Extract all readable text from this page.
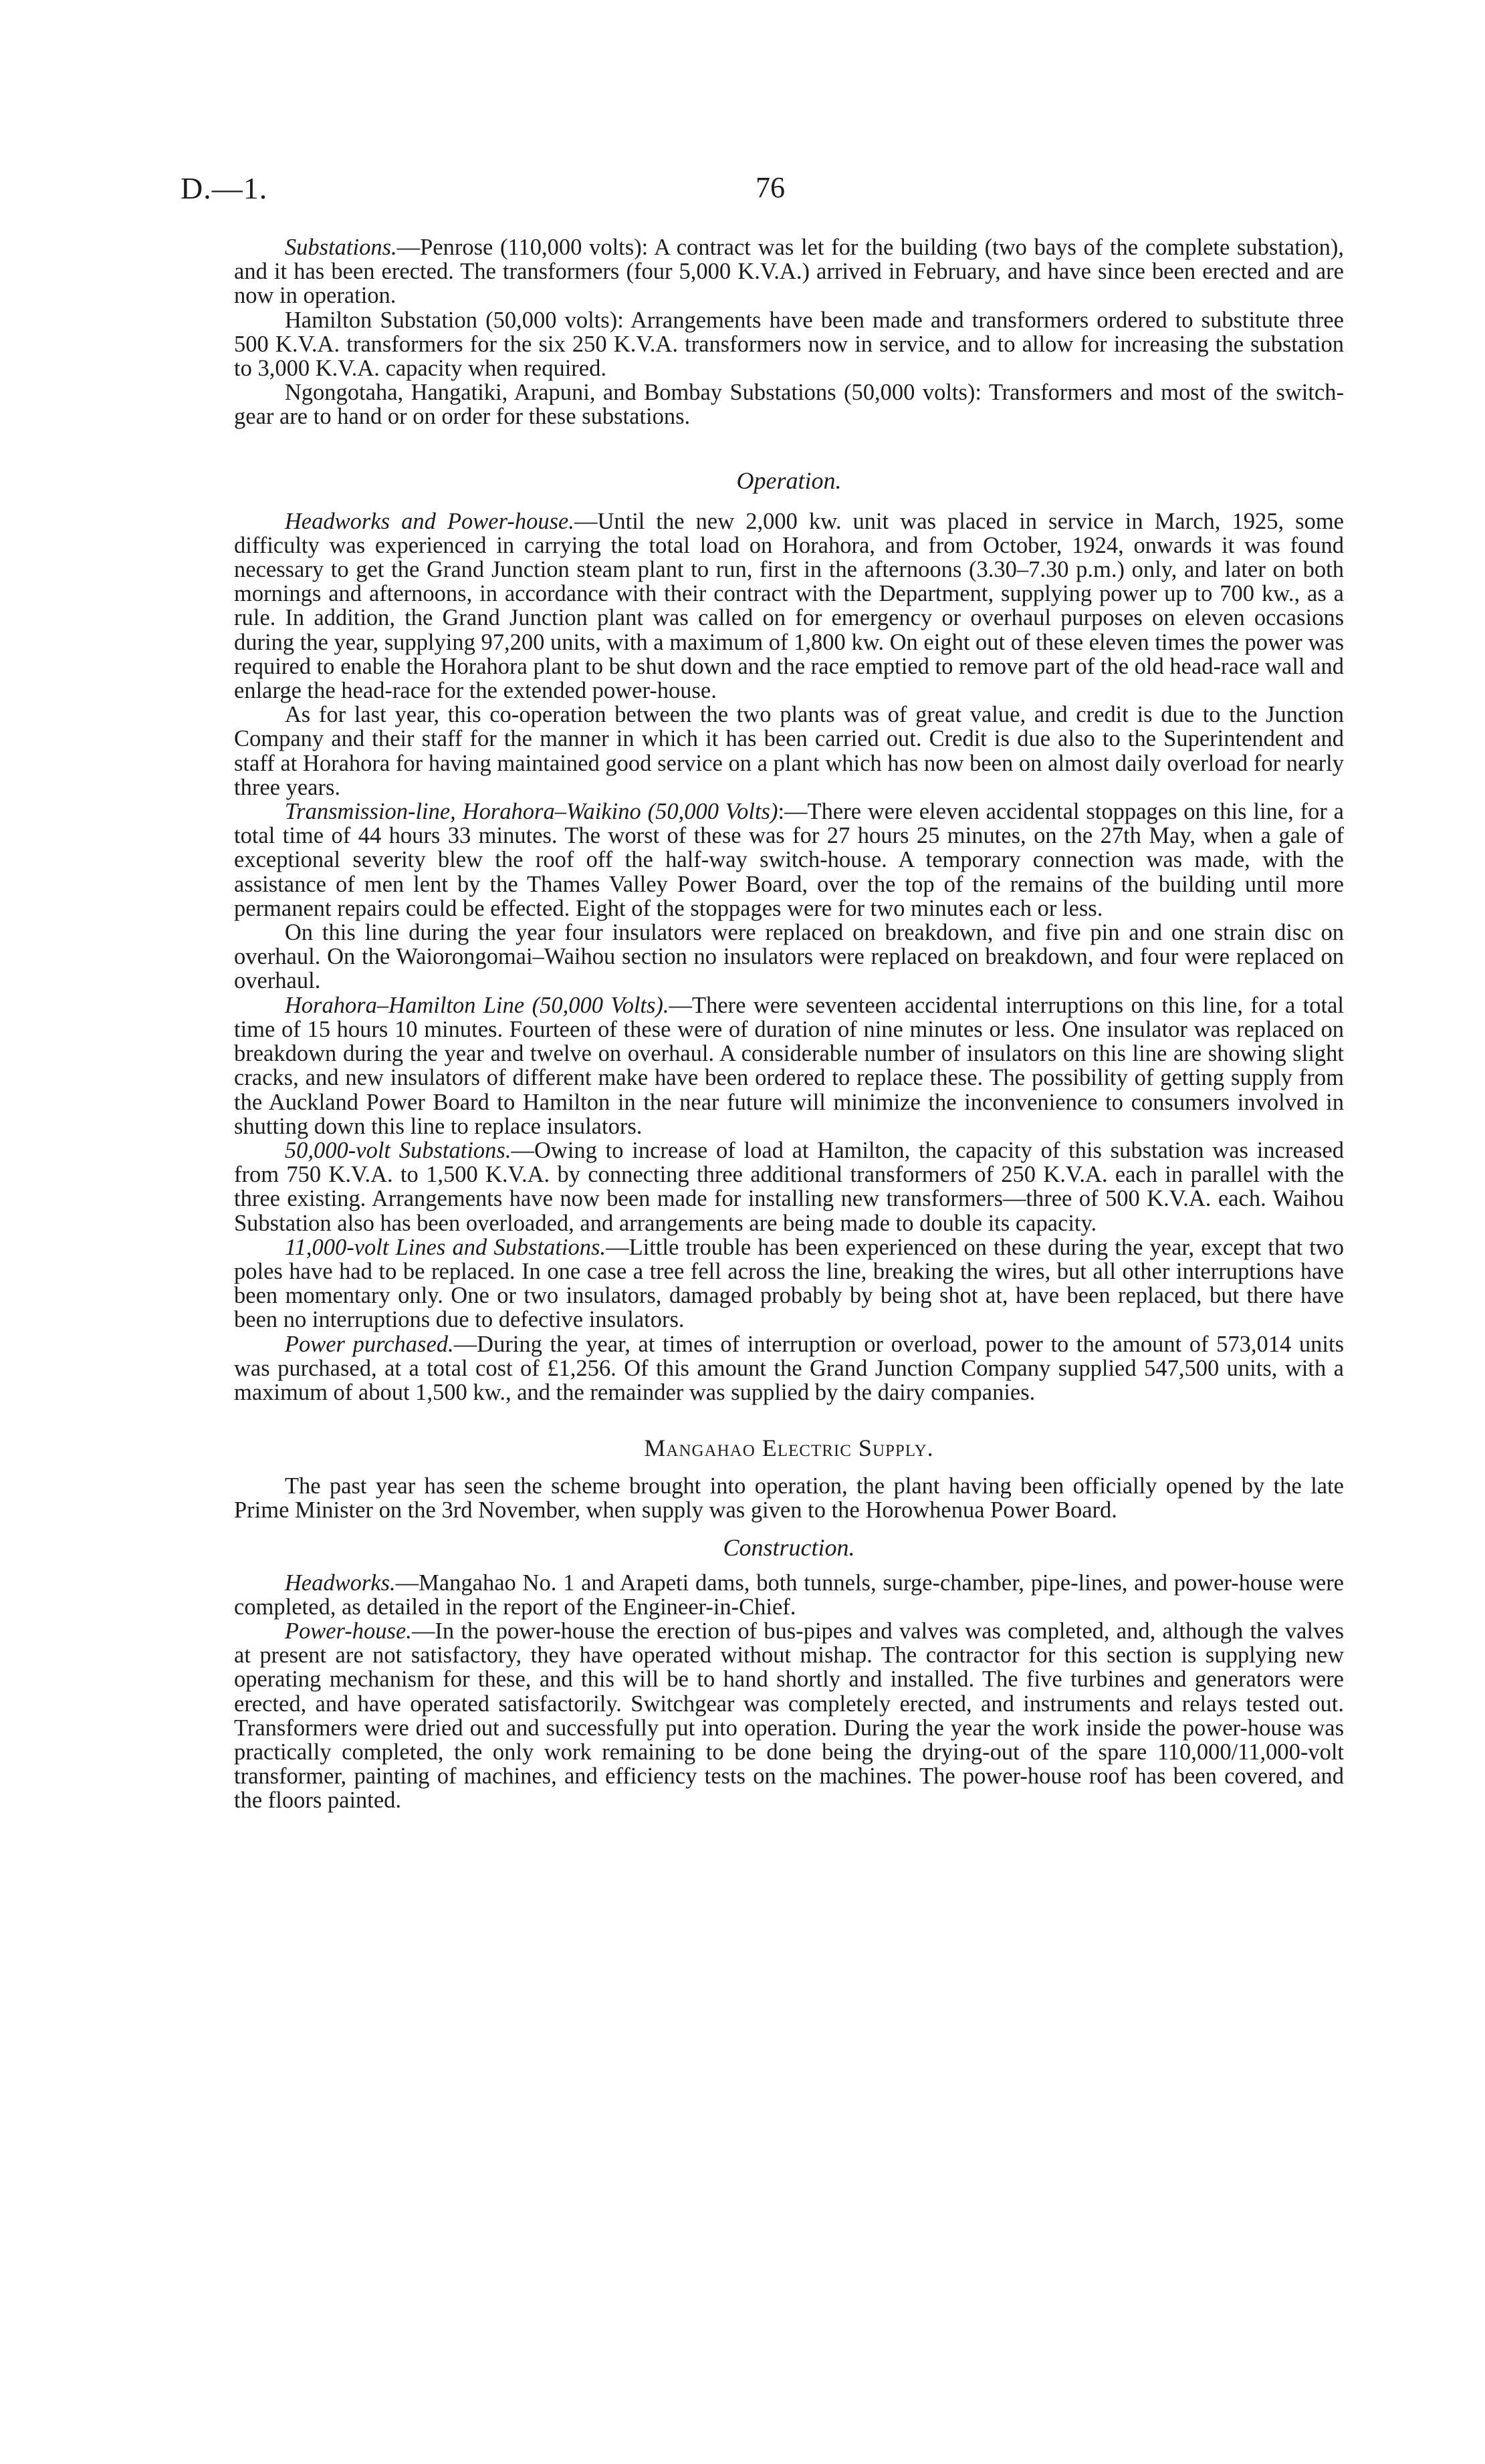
D.—1.	76

Substations.—Penrose (110,000 volts): A contract was let for the building (two bays of the complete substation), and it has been erected. The transformers (four 5,000 K.V.A.) arrived in February, and have since been erected and are now in operation.

Hamilton Substation (50,000 volts): Arrangements have been made and transformers ordered to substitute three 500 K.V.A. transformers for the six 250 K.V.A. transformers now in service, and to allow for increasing the substation to 3,000 K.V.A. capacity when required.

Ngongotaha, Hangatiki, Arapuni, and Bombay Substations (50,000 volts): Transformers and most of the switch-gear are to hand or on order for these substations.

Operation.

Headworks and Power-house.—Until the new 2,000 kw. unit was placed in service in March, 1925, some difficulty was experienced in carrying the total load on Horahora, and from October, 1924, onwards it was found necessary to get the Grand Junction steam plant to run, first in the afternoons (3.30–7.30 p.m.) only, and later on both mornings and afternoons, in accordance with their contract with the Department, supplying power up to 700 kw., as a rule. In addition, the Grand Junction plant was called on for emergency or overhaul purposes on eleven occasions during the year, supplying 97,200 units, with a maximum of 1,800 kw. On eight out of these eleven times the power was required to enable the Horahora plant to be shut down and the race emptied to remove part of the old head-race wall and enlarge the head-race for the extended power-house.

As for last year, this co-operation between the two plants was of great value, and credit is due to the Junction Company and their staff for the manner in which it has been carried out. Credit is due also to the Superintendent and staff at Horahora for having maintained good service on a plant which has now been on almost daily overload for nearly three years.

Transmission-line, Horahora–Waikino (50,000 Volts):—There were eleven accidental stoppages on this line, for a total time of 44 hours 33 minutes. The worst of these was for 27 hours 25 minutes, on the 27th May, when a gale of exceptional severity blew the roof off the half-way switch-house. A temporary connection was made, with the assistance of men lent by the Thames Valley Power Board, over the top of the remains of the building until more permanent repairs could be effected. Eight of the stoppages were for two minutes each or less.

On this line during the year four insulators were replaced on breakdown, and five pin and one strain disc on overhaul. On the Waiorongomai–Waihou section no insulators were replaced on breakdown, and four were replaced on overhaul.

Horahora–Hamilton Line (50,000 Volts).—There were seventeen accidental interruptions on this line, for a total time of 15 hours 10 minutes. Fourteen of these were of duration of nine minutes or less. One insulator was replaced on breakdown during the year and twelve on overhaul. A considerable number of insulators on this line are showing slight cracks, and new insulators of different make have been ordered to replace these. The possibility of getting supply from the Auckland Power Board to Hamilton in the near future will minimize the inconvenience to consumers involved in shutting down this line to replace insulators.

50,000-volt Substations.—Owing to increase of load at Hamilton, the capacity of this substation was increased from 750 K.V.A. to 1,500 K.V.A. by connecting three additional transformers of 250 K.V.A. each in parallel with the three existing. Arrangements have now been made for installing new transformers—three of 500 K.V.A. each. Waihou Substation also has been overloaded, and arrangements are being made to double its capacity.

11,000-volt Lines and Substations.—Little trouble has been experienced on these during the year, except that two poles have had to be replaced. In one case a tree fell across the line, breaking the wires, but all other interruptions have been momentary only. One or two insulators, damaged probably by being shot at, have been replaced, but there have been no interruptions due to defective insulators.

Power purchased.—During the year, at times of interruption or overload, power to the amount of 573,014 units was purchased, at a total cost of £1,256. Of this amount the Grand Junction Company supplied 547,500 units, with a maximum of about 1,500 kw., and the remainder was supplied by the dairy companies.

Mangahao Electric Supply.

The past year has seen the scheme brought into operation, the plant having been officially opened by the late Prime Minister on the 3rd November, when supply was given to the Horowhenua Power Board.

Construction.

Headworks.—Mangahao No. 1 and Arapeti dams, both tunnels, surge-chamber, pipe-lines, and power-house were completed, as detailed in the report of the Engineer-in-Chief.

Power-house.—In the power-house the erection of bus-pipes and valves was completed, and, although the valves at present are not satisfactory, they have operated without mishap. The contractor for this section is supplying new operating mechanism for these, and this will be to hand shortly and installed. The five turbines and generators were erected, and have operated satisfactorily. Switchgear was completely erected, and instruments and relays tested out. Transformers were dried out and successfully put into operation. During the year the work inside the power-house was practically completed, the only work remaining to be done being the drying-out of the spare 110,000/11,000-volt transformer, painting of machines, and efficiency tests on the machines. The power-house roof has been covered, and the floors painted.
